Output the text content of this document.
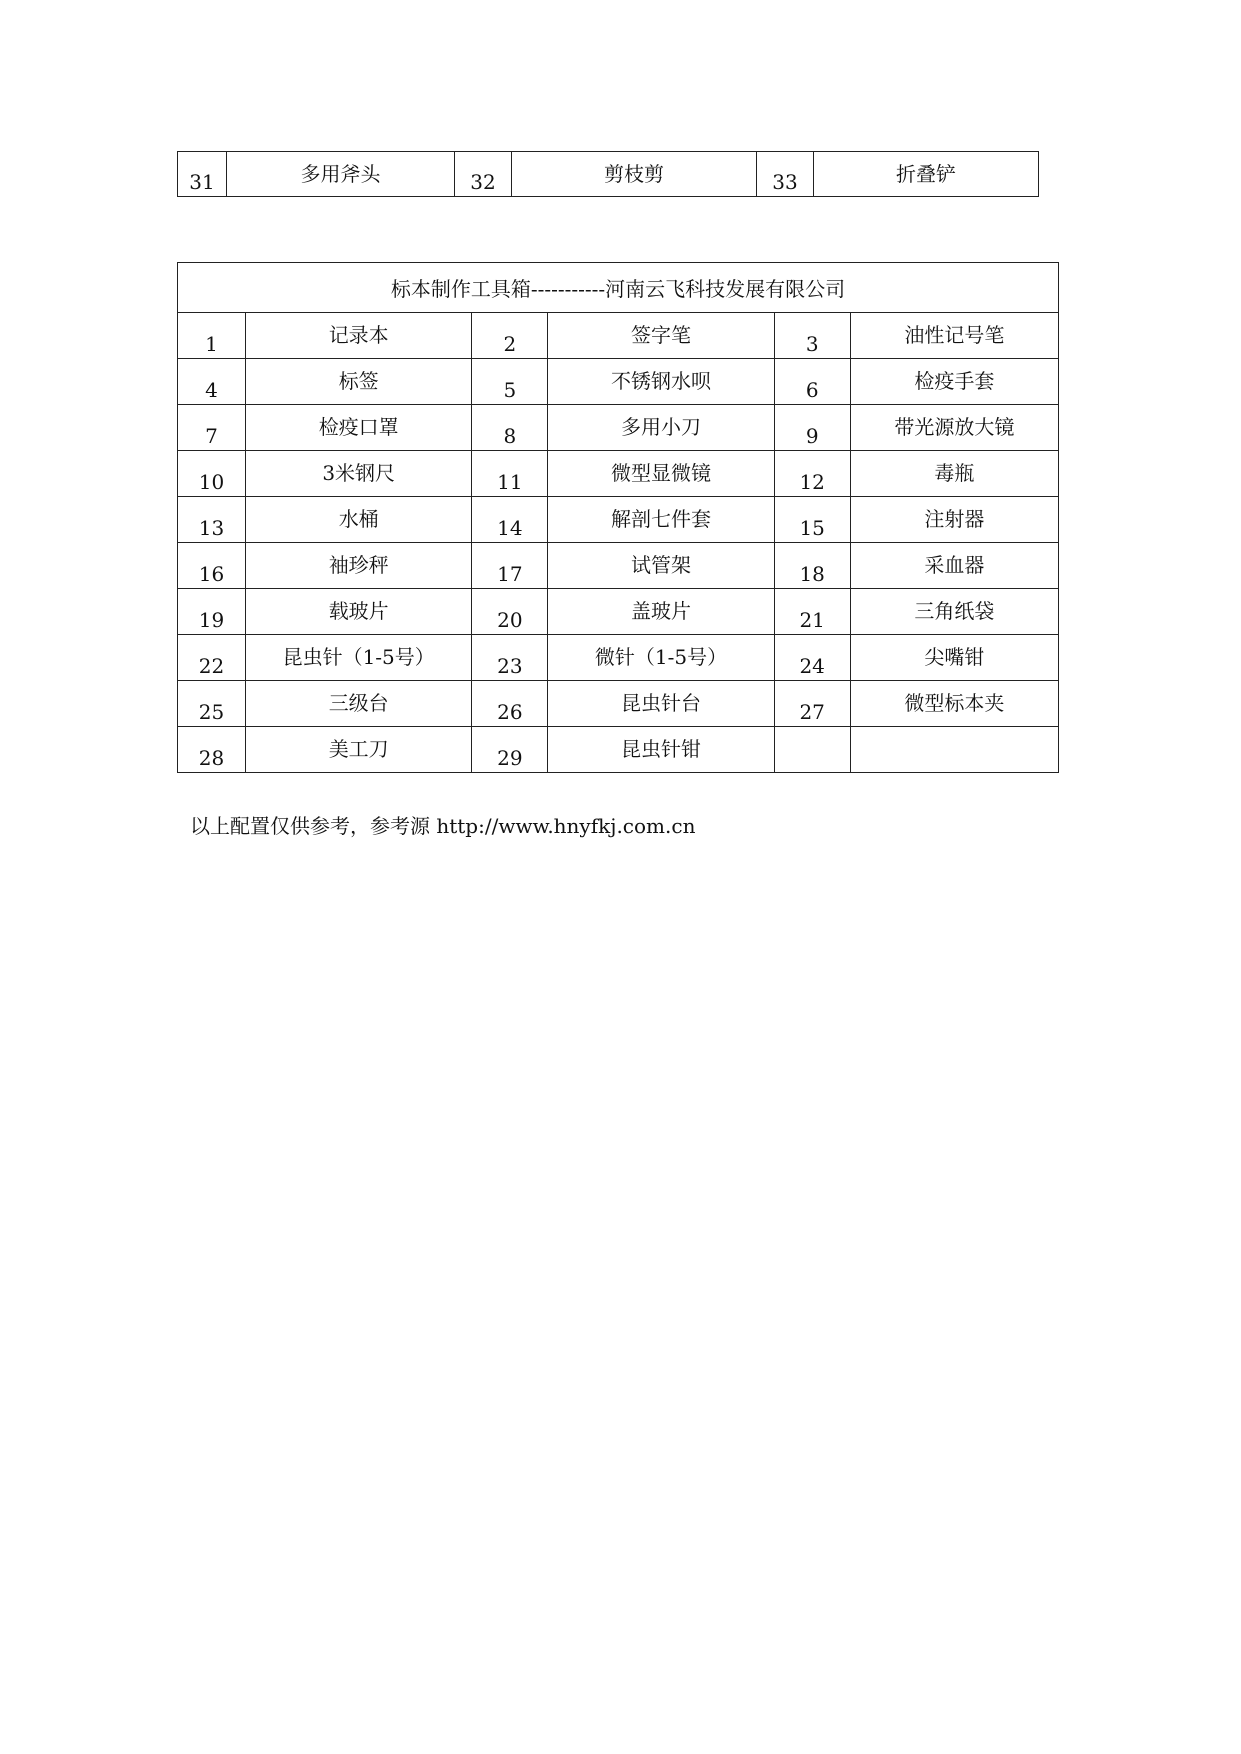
31	多用斧头	32	剪枝剪	33	折叠铲
标本制作工具箱-----------河南云飞科技发展有限公司					
1	记录本	2	签字笔	3	油性记号笔
4	标签	5	不锈钢水呗	6	检疫手套
7	检疫口罩	8	多用小刀	9	带光源放大镜
10	3米钢尺	11	微型显微镜	12	毒瓶
13	水桶	14	解剖七件套	15	注射器
16	袖珍秤	17	试管架	18	采血器
19	载玻片	20	盖玻片	21	三角纸袋
22	昆虫针（1-5号）	23	微针（1-5号）	24	尖嘴钳
25	三级台	26	昆虫针台	27	微型标本夹
28	美工刀	29	昆虫针钳		
以上配置仅供参考，参考源 http://www.hnyfkj.com.cn
